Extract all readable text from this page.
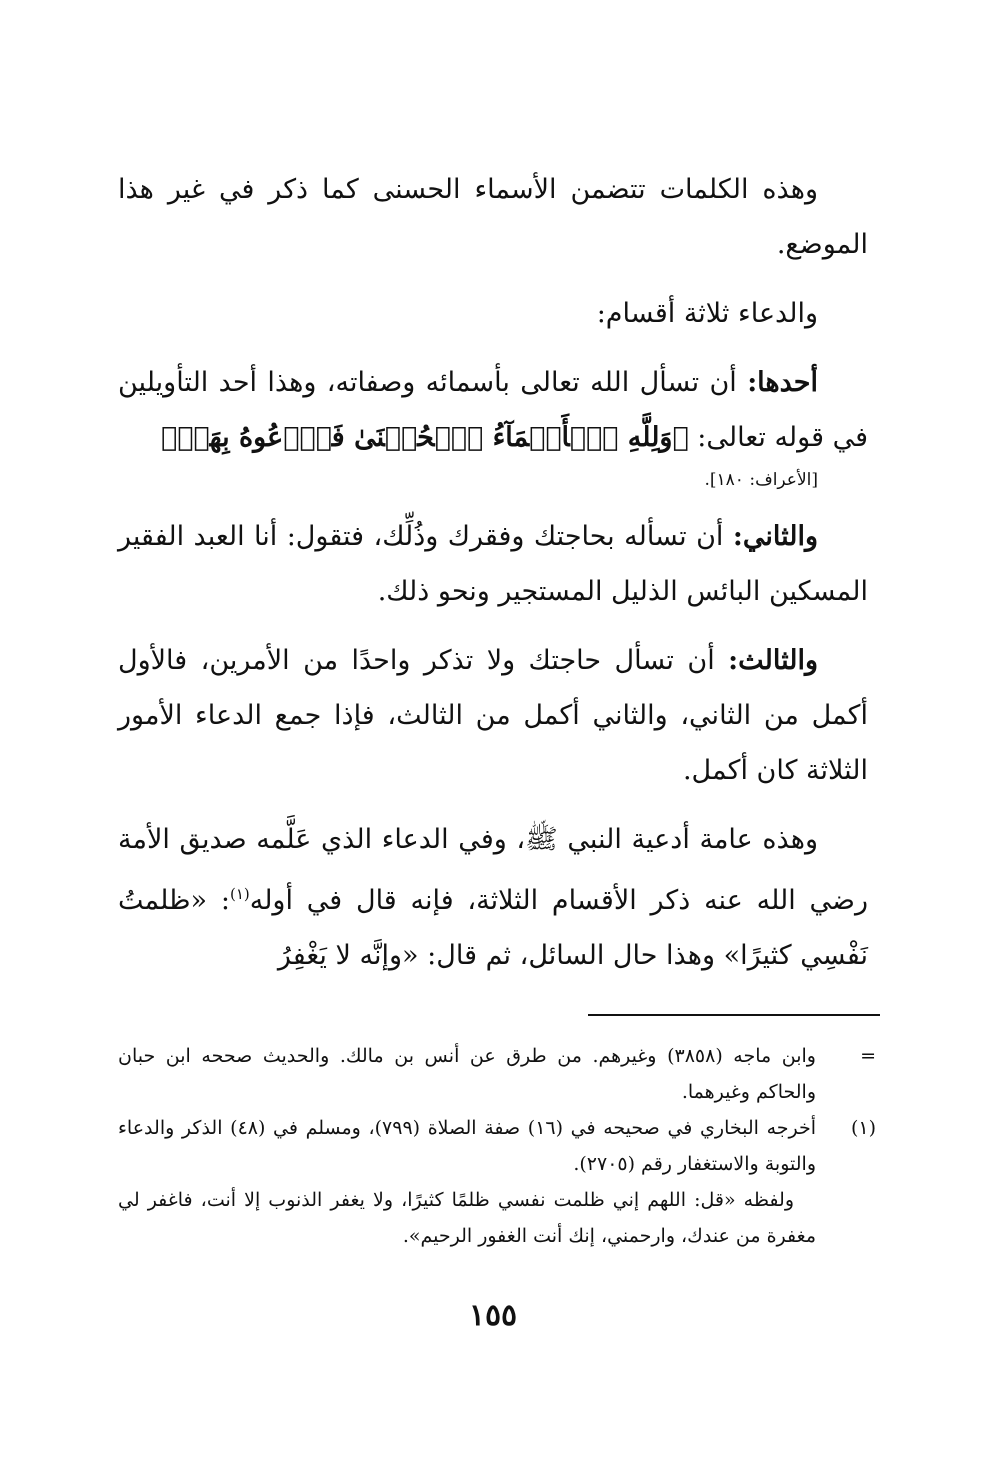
وهذه الكلمات تتضمن الأسماء الحسنى كما ذكر في غير هذا الموضع.

والدعاء ثلاثة أقسام:

أحدها: أن تسأل الله تعالى بأسمائه وصفاته، وهذا أحد التأويلين في قوله تعالى: ﴿وَلِلَّهِ ٱلۡأَسۡمَآءُ ٱلۡحُسۡنَىٰ فَٱدۡعُوهُ بِهَاۖ﴾
[الأعراف: ١٨٠].

والثاني: أن تسأله بحاجتك وفقرك وذُلِّك، فتقول: أنا العبد الفقير المسكين البائس الذليل المستجير ونحو ذلك.

والثالث: أن تسأل حاجتك ولا تذكر واحدًا من الأمرين، فالأول أكمل من الثاني، والثاني أكمل من الثالث، فإذا جمع الدعاء الأمور الثلاثة كان أكمل.

وهذه عامة أدعية النبي ﷺ، وفي الدعاء الذي عَلَّمه صديق الأمة رضي الله عنه ذكر الأقسام الثلاثة، فإنه قال في أوله$^{(١)}$: «ظلمتُ نَفْسِي كثيرًا» وهذا حال السائل، ثم قال: «وإنَّه لا يَغْفِرُ

=
وابن ماجه (٣٨٥٨) وغيرهم. من طرق عن أنس بن مالك. والحديث صححه ابن حبان والحاكم وغيرهما.
(١)
أخرجه البخاري في صحيحه في (١٦) صفة الصلاة (٧٩٩)، ومسلم في (٤٨) الذكر والدعاء والتوبة والاستغفار رقم (٢٧٠٥).
ولفظه «قل: اللهم إني ظلمت نفسي ظلمًا كثيرًا، ولا يغفر الذنوب إلا أنت، فاغفر لي مغفرة من عندك، وارحمني، إنك أنت الغفور الرحيم».
١٥٥
